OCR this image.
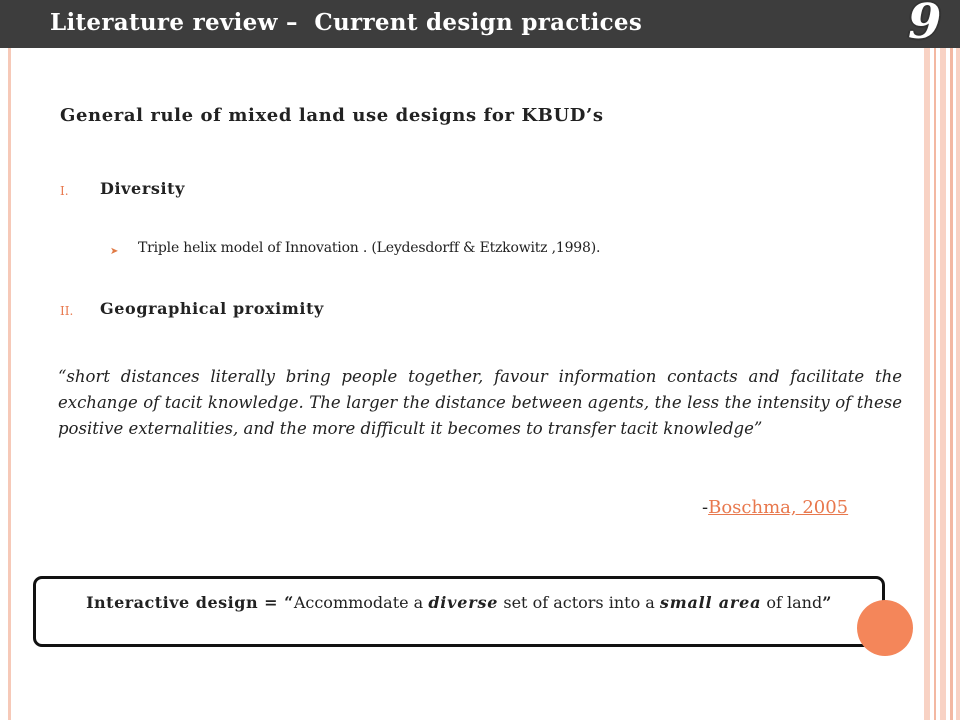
Literature review –  Current design practices	9
General rule of mixed land use designs for KBUD’s
I. Diversity
➤ Triple helix model of Innovation . (Leydesdorff & Etzkowitz ,1998).
II. Geographical proximity

“short distances literally bring people together, favour information contacts and facilitate the exchange of tacit knowledge. The larger the distance between agents, the less the intensity of these positive externalities, and the more difficult it becomes to transfer tacit knowledge”

-Boschma, 2005
Interactive design = “Accommodate a diverse set of actors into a small area of land”
